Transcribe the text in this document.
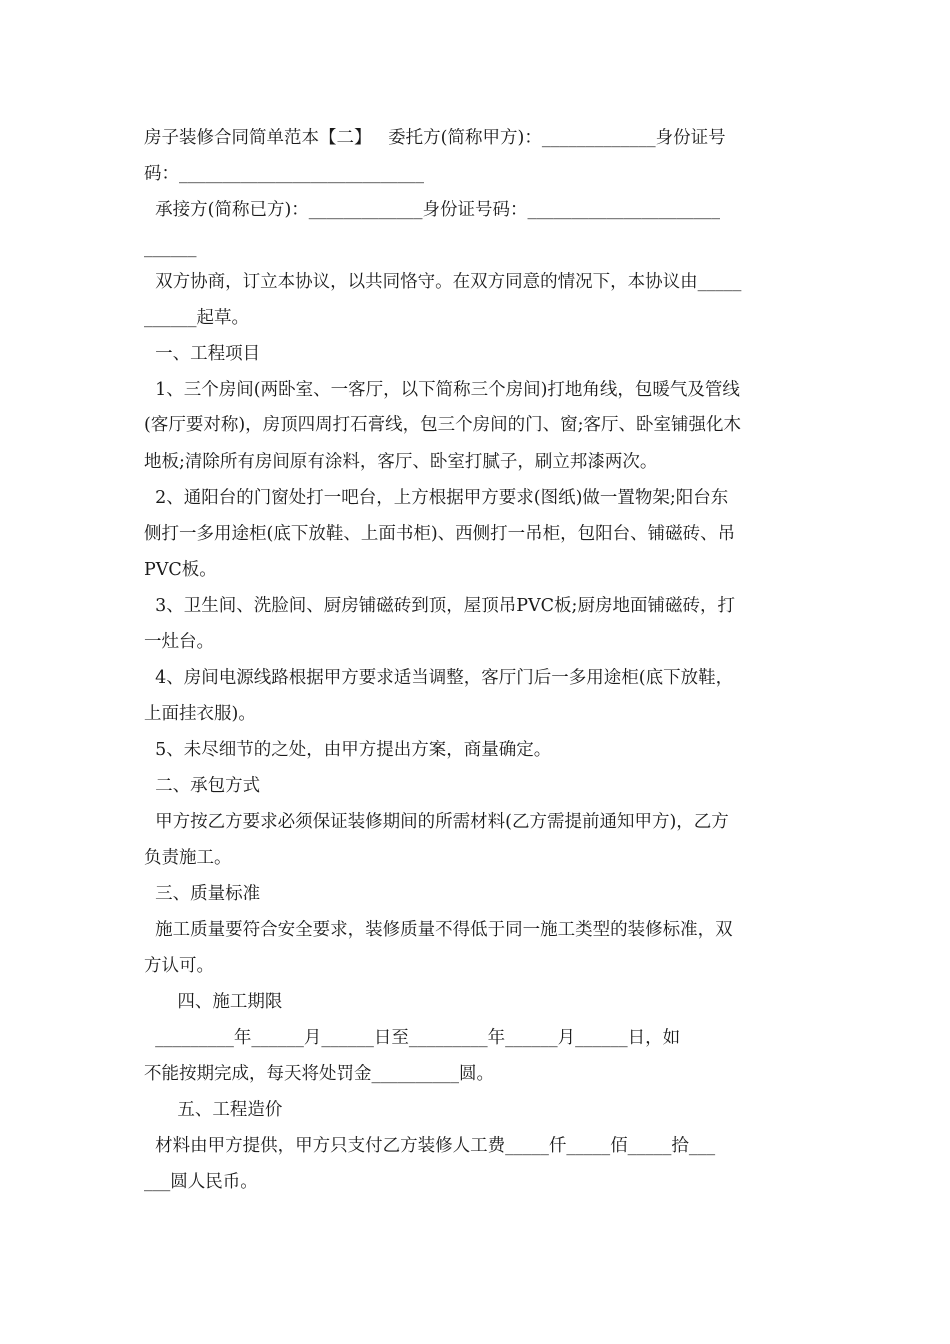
房子装修合同简单范本【二】   委托方(简称甲方)：_____________身份证号
码：____________________________
承接方(简称已方)：_____________身份证号码：______________________
______
双方协商，订立本协议，以共同恪守。在双方同意的情况下，本协议由_____
______起草。
一、工程项目
1、三个房间(两卧室、一客厅，以下简称三个房间)打地角线，包暖气及管线
(客厅要对称)，房顶四周打石膏线，包三个房间的门、窗;客厅、卧室铺强化木
地板;清除所有房间原有涂料，客厅、卧室打腻子，刷立邦漆两次。
2、通阳台的门窗处打一吧台，上方根据甲方要求(图纸)做一置物架;阳台东
侧打一多用途柜(底下放鞋、上面书柜)、西侧打一吊柜，包阳台、铺磁砖、吊
PVC板。
3、卫生间、洗脸间、厨房铺磁砖到顶，屋顶吊PVC板;厨房地面铺磁砖，打
一灶台。
4、房间电源线路根据甲方要求适当调整，客厅门后一多用途柜(底下放鞋，
上面挂衣服)。
5、未尽细节的之处，由甲方提出方案，商量确定。
二、承包方式
甲方按乙方要求必须保证装修期间的所需材料(乙方需提前通知甲方)，乙方
负责施工。
三、质量标准
施工质量要符合安全要求，装修质量不得低于同一施工类型的装修标准，双
方认可。
四、施工期限
_________年______月______日至_________年______月______日，如
不能按期完成，每天将处罚金__________圆。
五、工程造价
材料由甲方提供，甲方只支付乙方装修人工费_____仟_____佰_____拾___
___圆人民币。
